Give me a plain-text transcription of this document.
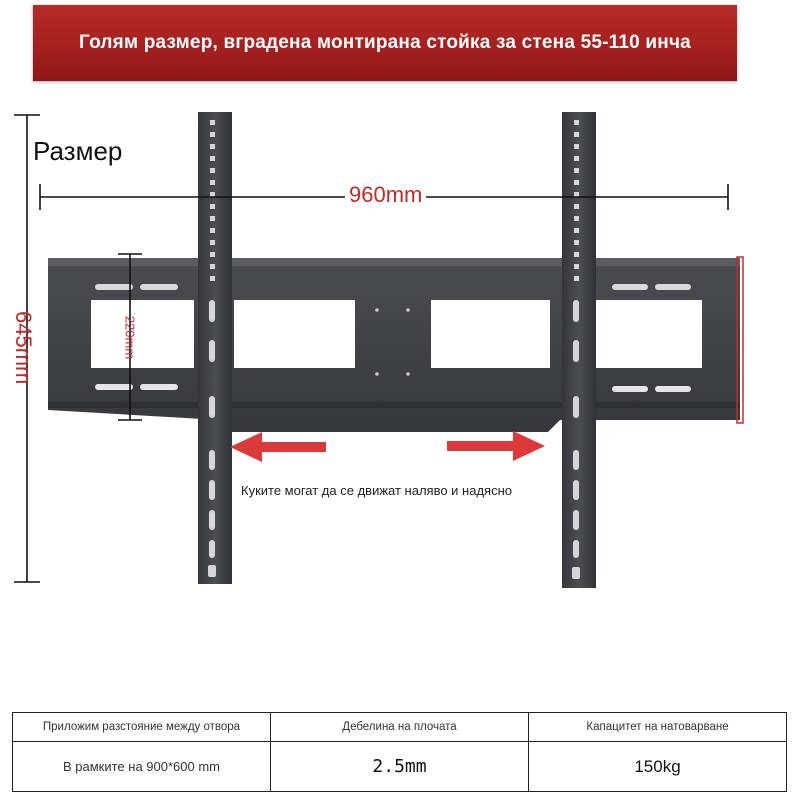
Голям размер, вградена монтирана стойка за стена 55-110 инча
Размер
960mm
645mm	220mm
Куките могат да се движат наляво и надясно
Приложим разстояние между отвора	Дебелина на плочата	Капацитет на натоварване
В рамките на 900*600 mm	2.5mm	150kg
